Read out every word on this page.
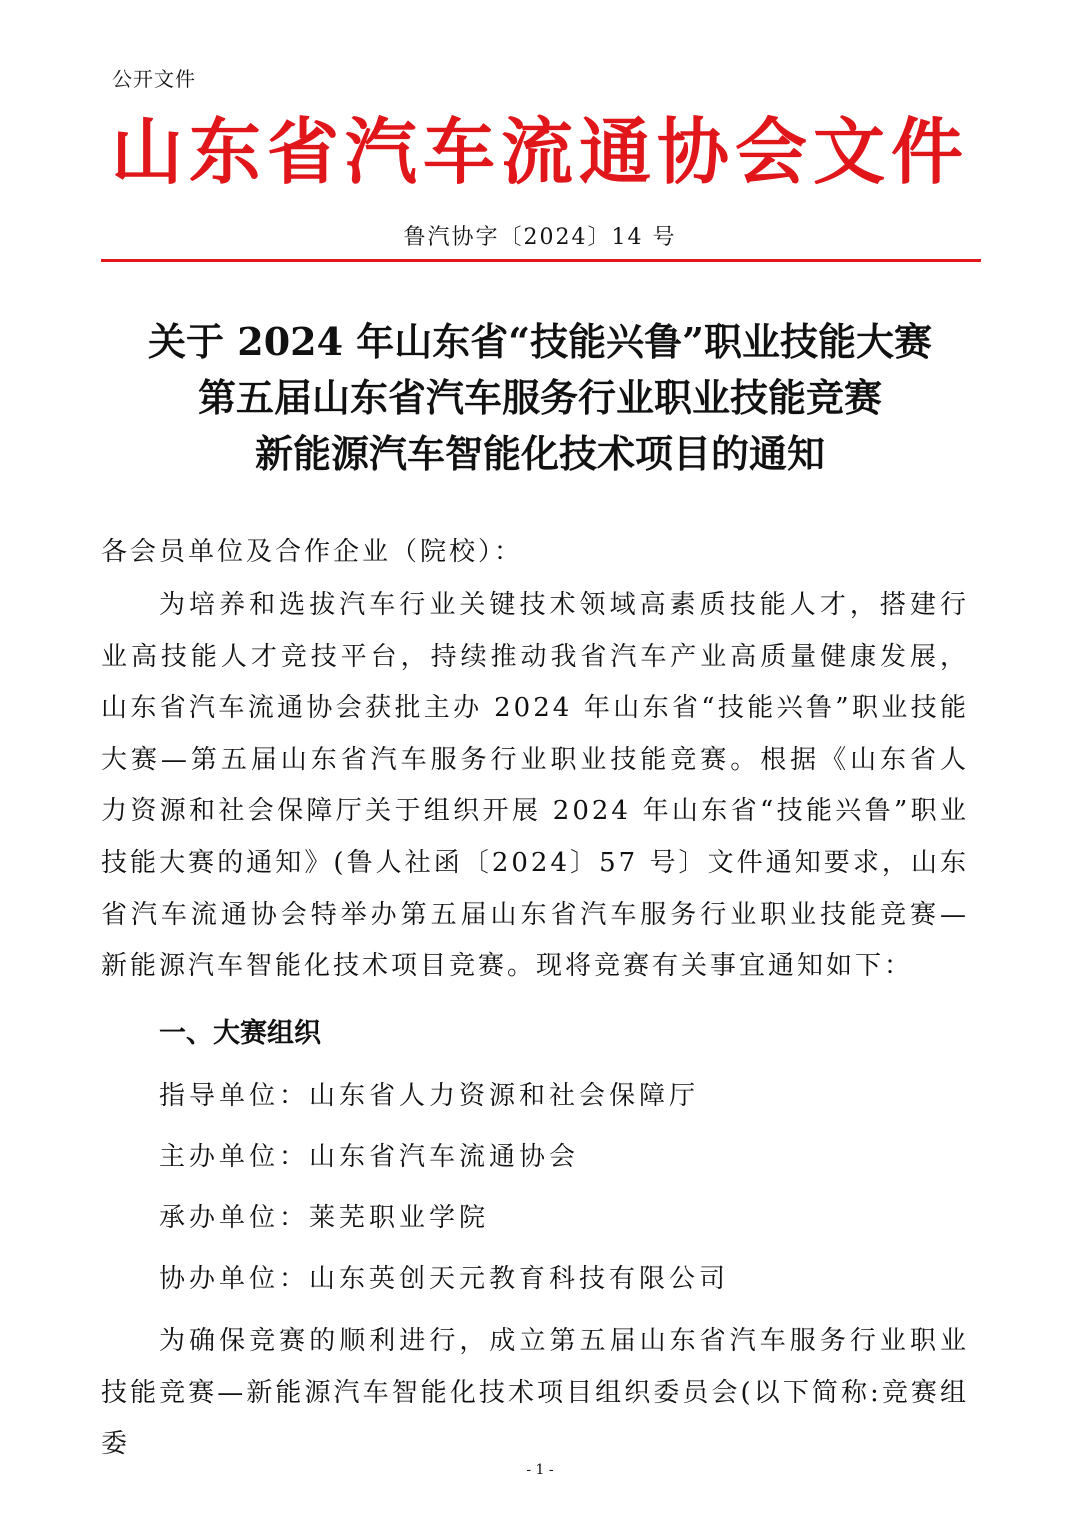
公开文件
山东省汽车流通协会文件
鲁汽协字〔2024〕14 号
关于 2024 年山东省“技能兴鲁”职业技能大赛
第五届山东省汽车服务行业职业技能竞赛
新能源汽车智能化技术项目的通知
各会员单位及合作企业（院校）：

为培养和选拔汽车行业关键技术领域高素质技能人才，搭建行业高技能人才竞技平台，持续推动我省汽车产业高质量健康发展，山东省汽车流通协会获批主办 2024 年山东省“技能兴鲁”职业技能大赛—第五届山东省汽车服务行业职业技能竞赛。根据《山东省人力资源和社会保障厅关于组织开展 2024 年山东省“技能兴鲁”职业技能大赛的通知》(鲁人社函〔2024〕57 号〕文件通知要求，山东省汽车流通协会特举办第五届山东省汽车服务行业职业技能竞赛—新能源汽车智能化技术项目竞赛。现将竞赛有关事宜通知如下：

一、大赛组织
指导单位：山东省人力资源和社会保障厅
主办单位：山东省汽车流通协会
承办单位：莱芜职业学院
协办单位：山东英创天元教育科技有限公司

为确保竞赛的顺利进行，成立第五届山东省汽车服务行业职业技能竞赛—新能源汽车智能化技术项目组织委员会(以下简称:竞赛组委

- 1 -
